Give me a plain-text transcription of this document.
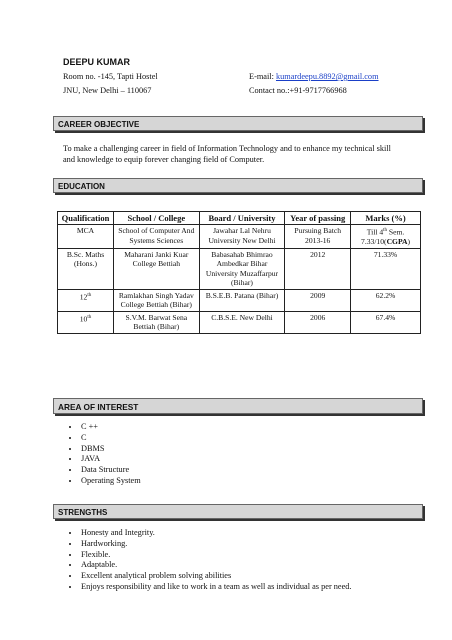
DEEPU KUMAR
Room no. -145, Tapti Hostel
JNU, New Delhi – 110067
E-mail: kumardeepu.8892@gmail.com
Contact no.:+91-9717766968
CAREER OBJECTIVE
To make a challenging career in field of Information Technology and to enhance my technical skill and knowledge to equip forever changing field of Computer.
EDUCATION
Qualification	School / College	Board / University	Year of passing	Marks (%)
MCA	School of Computer And Systems Sciences	Jawahar Lal Nehru University New Delhi	Pursuing Batch 2013-16	Till 4th Sem. 7.33/10(CGPA)
B.Sc. Maths (Hons.)	Maharani Janki Kuar College Bettiah	Babasahab Bhimrao Ambedkar Bihar University Muzaffarpur (Bihar)	2012	71.33%
12th	Ramlakhan Singh Yadav College Bettiah (Bihar)	B.S.E.B. Patana (Bihar)	2009	62.2%
10th	S.V.M. Barwat Sena Bettiah (Bihar)	C.B.S.E. New Delhi	2006	67.4%
AREA OF INTEREST
• C ++
• C
• DBMS
• JAVA
• Data Structure
• Operating System
STRENGTHS
• Honesty and Integrity.
• Hardworking.
• Flexible.
• Adaptable.
• Excellent analytical problem solving abilities
• Enjoys responsibility and like to work in a team as well as individual as per need.
